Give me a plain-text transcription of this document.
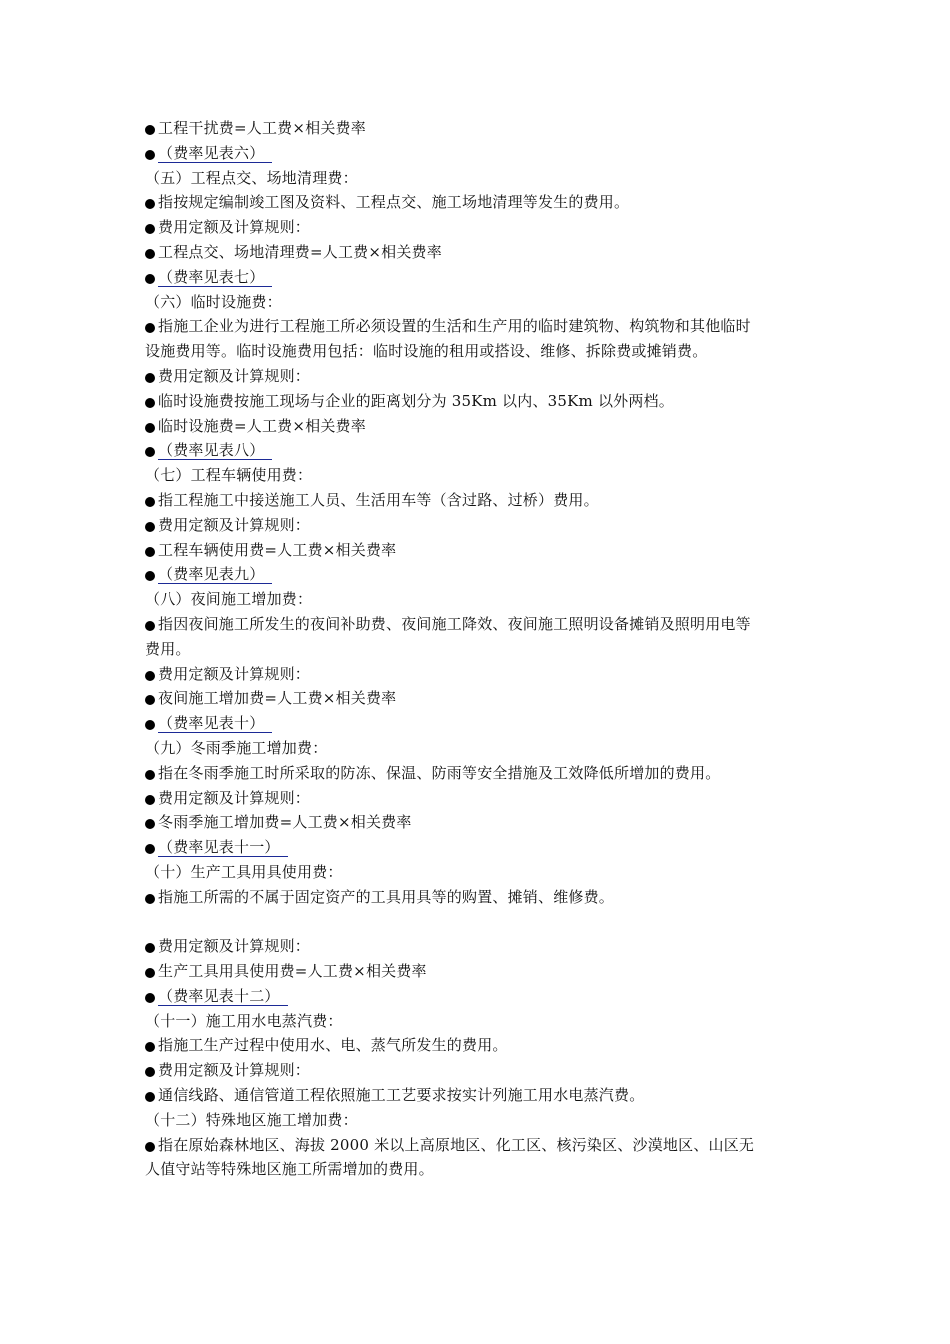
工程干扰费=人工费×相关费率
（费率见表六）
（五）工程点交、场地清理费：
指按规定编制竣工图及资料、工程点交、施工场地清理等发生的费用。
费用定额及计算规则：
工程点交、场地清理费=人工费×相关费率
（费率见表七）
（六）临时设施费：
指施工企业为进行工程施工所必须设置的生活和生产用的临时建筑物、构筑物和其他临时
设施费用等。临时设施费用包括：临时设施的租用或搭设、维修、拆除费或摊销费。
费用定额及计算规则：
临时设施费按施工现场与企业的距离划分为 35Km 以内、35Km 以外两档。
临时设施费=人工费×相关费率
（费率见表八）
（七）工程车辆使用费：
指工程施工中接送施工人员、生活用车等（含过路、过桥）费用。
费用定额及计算规则：
工程车辆使用费=人工费×相关费率
（费率见表九）
（八）夜间施工增加费：
指因夜间施工所发生的夜间补助费、夜间施工降效、夜间施工照明设备摊销及照明用电等
费用。
费用定额及计算规则：
夜间施工增加费=人工费×相关费率
（费率见表十）
（九）冬雨季施工增加费：
指在冬雨季施工时所采取的防冻、保温、防雨等安全措施及工效降低所增加的费用。
费用定额及计算规则：
冬雨季施工增加费=人工费×相关费率
（费率见表十一）
（十）生产工具用具使用费：
指施工所需的不属于固定资产的工具用具等的购置、摊销、维修费。
费用定额及计算规则：
生产工具用具使用费=人工费×相关费率
（费率见表十二）
（十一）施工用水电蒸汽费：
指施工生产过程中使用水、电、蒸气所发生的费用。
费用定额及计算规则：
通信线路、通信管道工程依照施工工艺要求按实计列施工用水电蒸汽费。
（十二）特殊地区施工增加费：
指在原始森林地区、海拔 2000 米以上高原地区、化工区、核污染区、沙漠地区、山区无
人值守站等特殊地区施工所需增加的费用。
